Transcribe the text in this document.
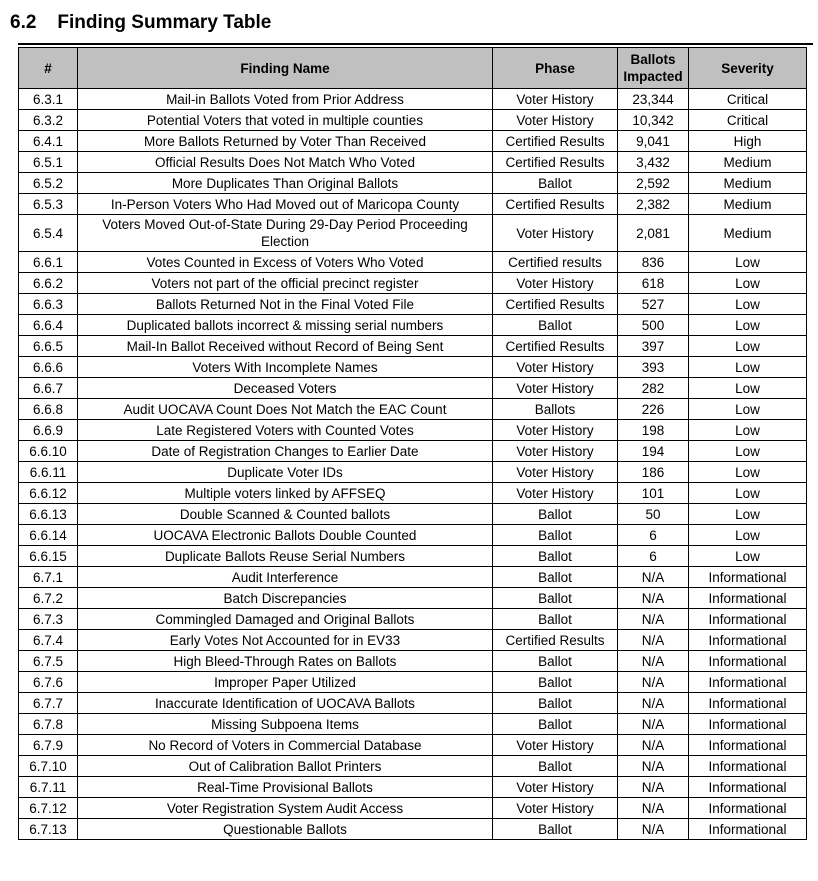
6.2 Finding Summary Table
#	Finding Name	Phase	Ballots Impacted	Severity
6.3.1	Mail-in Ballots Voted from Prior Address	Voter History	23,344	Critical
6.3.2	Potential Voters that voted in multiple counties	Voter History	10,342	Critical
6.4.1	More Ballots Returned by Voter Than Received	Certified Results	9,041	High
6.5.1	Official Results Does Not Match Who Voted	Certified Results	3,432	Medium
6.5.2	More Duplicates Than Original Ballots	Ballot	2,592	Medium
6.5.3	In-Person Voters Who Had Moved out of Maricopa County	Certified Results	2,382	Medium
6.5.4	Voters Moved Out-of-State During 29-Day Period Proceeding Election	Voter History	2,081	Medium
6.6.1	Votes Counted in Excess of Voters Who Voted	Certified results	836	Low
6.6.2	Voters not part of the official precinct register	Voter History	618	Low
6.6.3	Ballots Returned Not in the Final Voted File	Certified Results	527	Low
6.6.4	Duplicated ballots incorrect & missing serial numbers	Ballot	500	Low
6.6.5	Mail-In Ballot Received without Record of Being Sent	Certified Results	397	Low
6.6.6	Voters With Incomplete Names	Voter History	393	Low
6.6.7	Deceased Voters	Voter History	282	Low
6.6.8	Audit UOCAVA Count Does Not Match the EAC Count	Ballots	226	Low
6.6.9	Late Registered Voters with Counted Votes	Voter History	198	Low
6.6.10	Date of Registration Changes to Earlier Date	Voter History	194	Low
6.6.11	Duplicate Voter IDs	Voter History	186	Low
6.6.12	Multiple voters linked by AFFSEQ	Voter History	101	Low
6.6.13	Double Scanned & Counted ballots	Ballot	50	Low
6.6.14	UOCAVA Electronic Ballots Double Counted	Ballot	6	Low
6.6.15	Duplicate Ballots Reuse Serial Numbers	Ballot	6	Low
6.7.1	Audit Interference	Ballot	N/A	Informational
6.7.2	Batch Discrepancies	Ballot	N/A	Informational
6.7.3	Commingled Damaged and Original Ballots	Ballot	N/A	Informational
6.7.4	Early Votes Not Accounted for in EV33	Certified Results	N/A	Informational
6.7.5	High Bleed-Through Rates on Ballots	Ballot	N/A	Informational
6.7.6	Improper Paper Utilized	Ballot	N/A	Informational
6.7.7	Inaccurate Identification of UOCAVA Ballots	Ballot	N/A	Informational
6.7.8	Missing Subpoena Items	Ballot	N/A	Informational
6.7.9	No Record of Voters in Commercial Database	Voter History	N/A	Informational
6.7.10	Out of Calibration Ballot Printers	Ballot	N/A	Informational
6.7.11	Real-Time Provisional Ballots	Voter History	N/A	Informational
6.7.12	Voter Registration System Audit Access	Voter History	N/A	Informational
6.7.13	Questionable Ballots	Ballot	N/A	Informational
